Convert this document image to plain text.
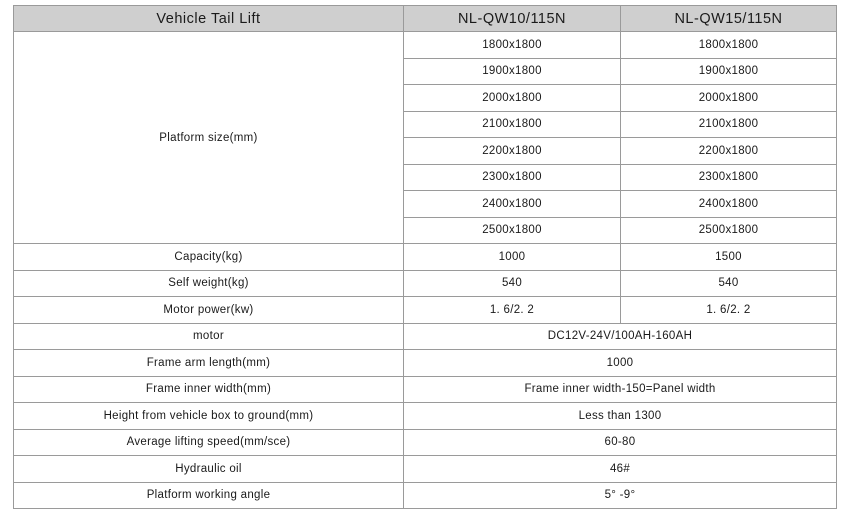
Vehicle Tail Lift	NL-QW10/115N	NL-QW15/115N
Platform size(mm)	1800x1800	1800x1800
	1900x1800	1900x1800
	2000x1800	2000x1800
	2100x1800	2100x1800
	2200x1800	2200x1800
	2300x1800	2300x1800
	2400x1800	2400x1800
	2500x1800	2500x1800
Capacity(kg)	1000	1500
Self weight(kg)	540	540
Motor power(kw)	1. 6/2. 2	1. 6/2. 2
motor	DC12V-24V/100AH-160AH	
Frame arm length(mm)	1000	
Frame inner width(mm)	Frame inner width-150=Panel width	
Height from vehicle box to ground(mm)	Less than 1300	
Average lifting speed(mm/sce)	60-80	
Hydraulic oil	46#	
Platform working angle	5° -9°	
